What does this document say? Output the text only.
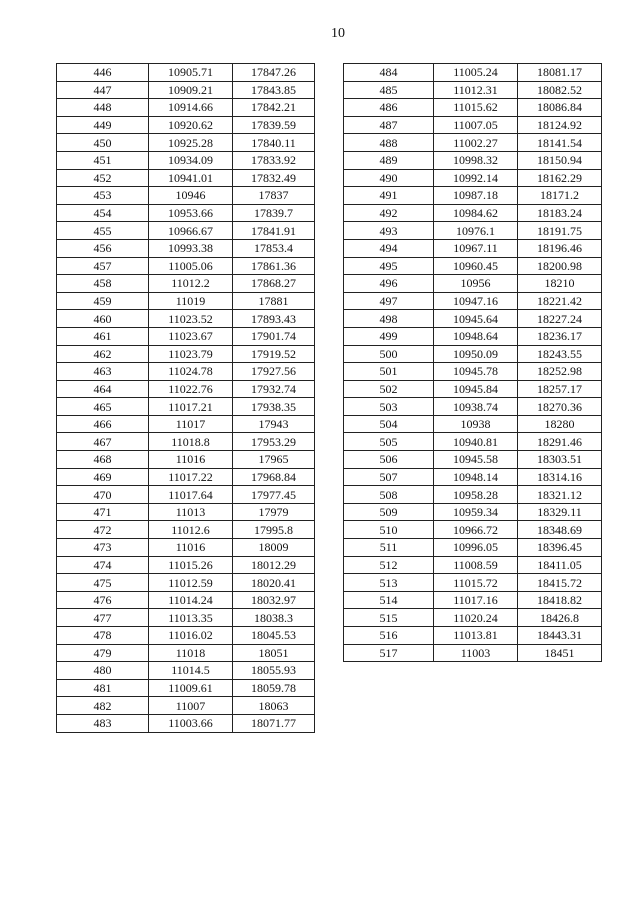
10
446	10905.71	17847.26
447	10909.21	17843.85
448	10914.66	17842.21
449	10920.62	17839.59
450	10925.28	17840.11
451	10934.09	17833.92
452	10941.01	17832.49
453	10946	17837
454	10953.66	17839.7
455	10966.67	17841.91
456	10993.38	17853.4
457	11005.06	17861.36
458	11012.2	17868.27
459	11019	17881
460	11023.52	17893.43
461	11023.67	17901.74
462	11023.79	17919.52
463	11024.78	17927.56
464	11022.76	17932.74
465	11017.21	17938.35
466	11017	17943
467	11018.8	17953.29
468	11016	17965
469	11017.22	17968.84
470	11017.64	17977.45
471	11013	17979
472	11012.6	17995.8
473	11016	18009
474	11015.26	18012.29
475	11012.59	18020.41
476	11014.24	18032.97
477	11013.35	18038.3
478	11016.02	18045.53
479	11018	18051
480	11014.5	18055.93
481	11009.61	18059.78
482	11007	18063
483	11003.66	18071.77
484	11005.24	18081.17
485	11012.31	18082.52
486	11015.62	18086.84
487	11007.05	18124.92
488	11002.27	18141.54
489	10998.32	18150.94
490	10992.14	18162.29
491	10987.18	18171.2
492	10984.62	18183.24
493	10976.1	18191.75
494	10967.11	18196.46
495	10960.45	18200.98
496	10956	18210
497	10947.16	18221.42
498	10945.64	18227.24
499	10948.64	18236.17
500	10950.09	18243.55
501	10945.78	18252.98
502	10945.84	18257.17
503	10938.74	18270.36
504	10938	18280
505	10940.81	18291.46
506	10945.58	18303.51
507	10948.14	18314.16
508	10958.28	18321.12
509	10959.34	18329.11
510	10966.72	18348.69
511	10996.05	18396.45
512	11008.59	18411.05
513	11015.72	18415.72
514	11017.16	18418.82
515	11020.24	18426.8
516	11013.81	18443.31
517	11003	18451
